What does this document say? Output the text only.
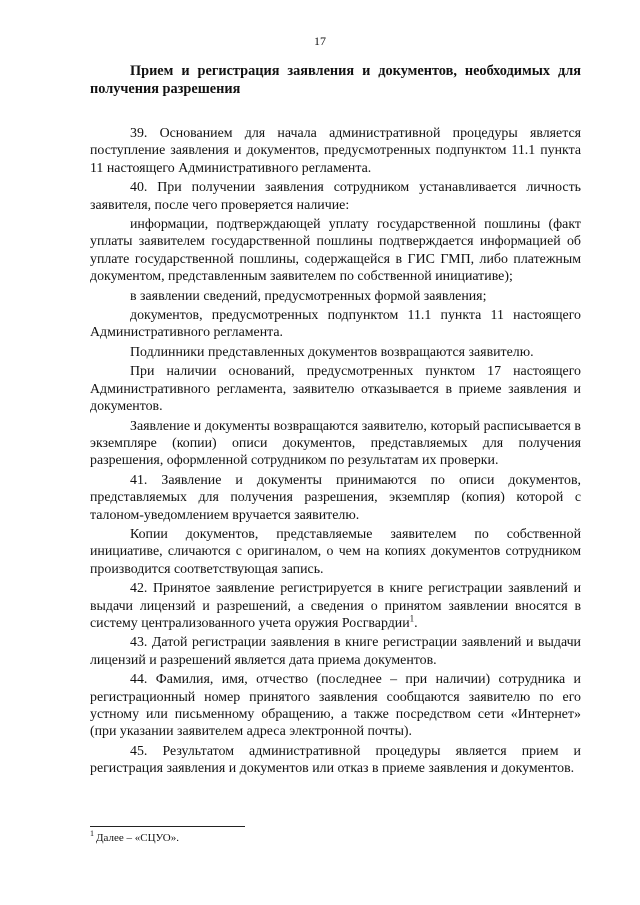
17
Прием и регистрация заявления и документов, необходимых для получения разрешения

39. Основанием для начала административной процедуры является поступление заявления и документов, предусмотренных подпунктом 11.1 пункта 11 настоящего Административного регламента.

40. При получении заявления сотрудником устанавливается личность заявителя, после чего проверяется наличие:

информации, подтверждающей уплату государственной пошлины (факт уплаты заявителем государственной пошлины подтверждается информацией об уплате государственной пошлины, содержащейся в ГИС ГМП, либо платежным документом, представленным заявителем по собственной инициативе);

в заявлении сведений, предусмотренных формой заявления;

документов, предусмотренных подпунктом 11.1 пункта 11 настоящего Административного регламента.

Подлинники представленных документов возвращаются заявителю.

При наличии оснований, предусмотренных пунктом 17 настоящего Административного регламента, заявителю отказывается в приеме заявления и документов.

Заявление и документы возвращаются заявителю, который расписывается в экземпляре (копии) описи документов, представляемых для получения разрешения, оформленной сотрудником по результатам их проверки.

41. Заявление и документы принимаются по описи документов, представляемых для получения разрешения, экземпляр (копия) которой с талоном-уведомлением вручается заявителю.

Копии документов, представляемые заявителем по собственной инициативе, сличаются с оригиналом, о чем на копиях документов сотрудником производится соответствующая запись.

42. Принятое заявление регистрируется в книге регистрации заявлений и выдачи лицензий и разрешений, а сведения о принятом заявлении вносятся в систему централизованного учета оружия Росгвардии$^1$.

43. Датой регистрации заявления в книге регистрации заявлений и выдачи лицензий и разрешений является дата приема документов.

44. Фамилия, имя, отчество (последнее – при наличии) сотрудника и регистрационный номер принятого заявления сообщаются заявителю по его устному или письменному обращению, а также посредством сети «Интернет» (при указании заявителем адреса электронной почты).

45. Результатом административной процедуры является прием и регистрация заявления и документов или отказ в приеме заявления и документов.

$^1$ Далее – «СЦУО».
